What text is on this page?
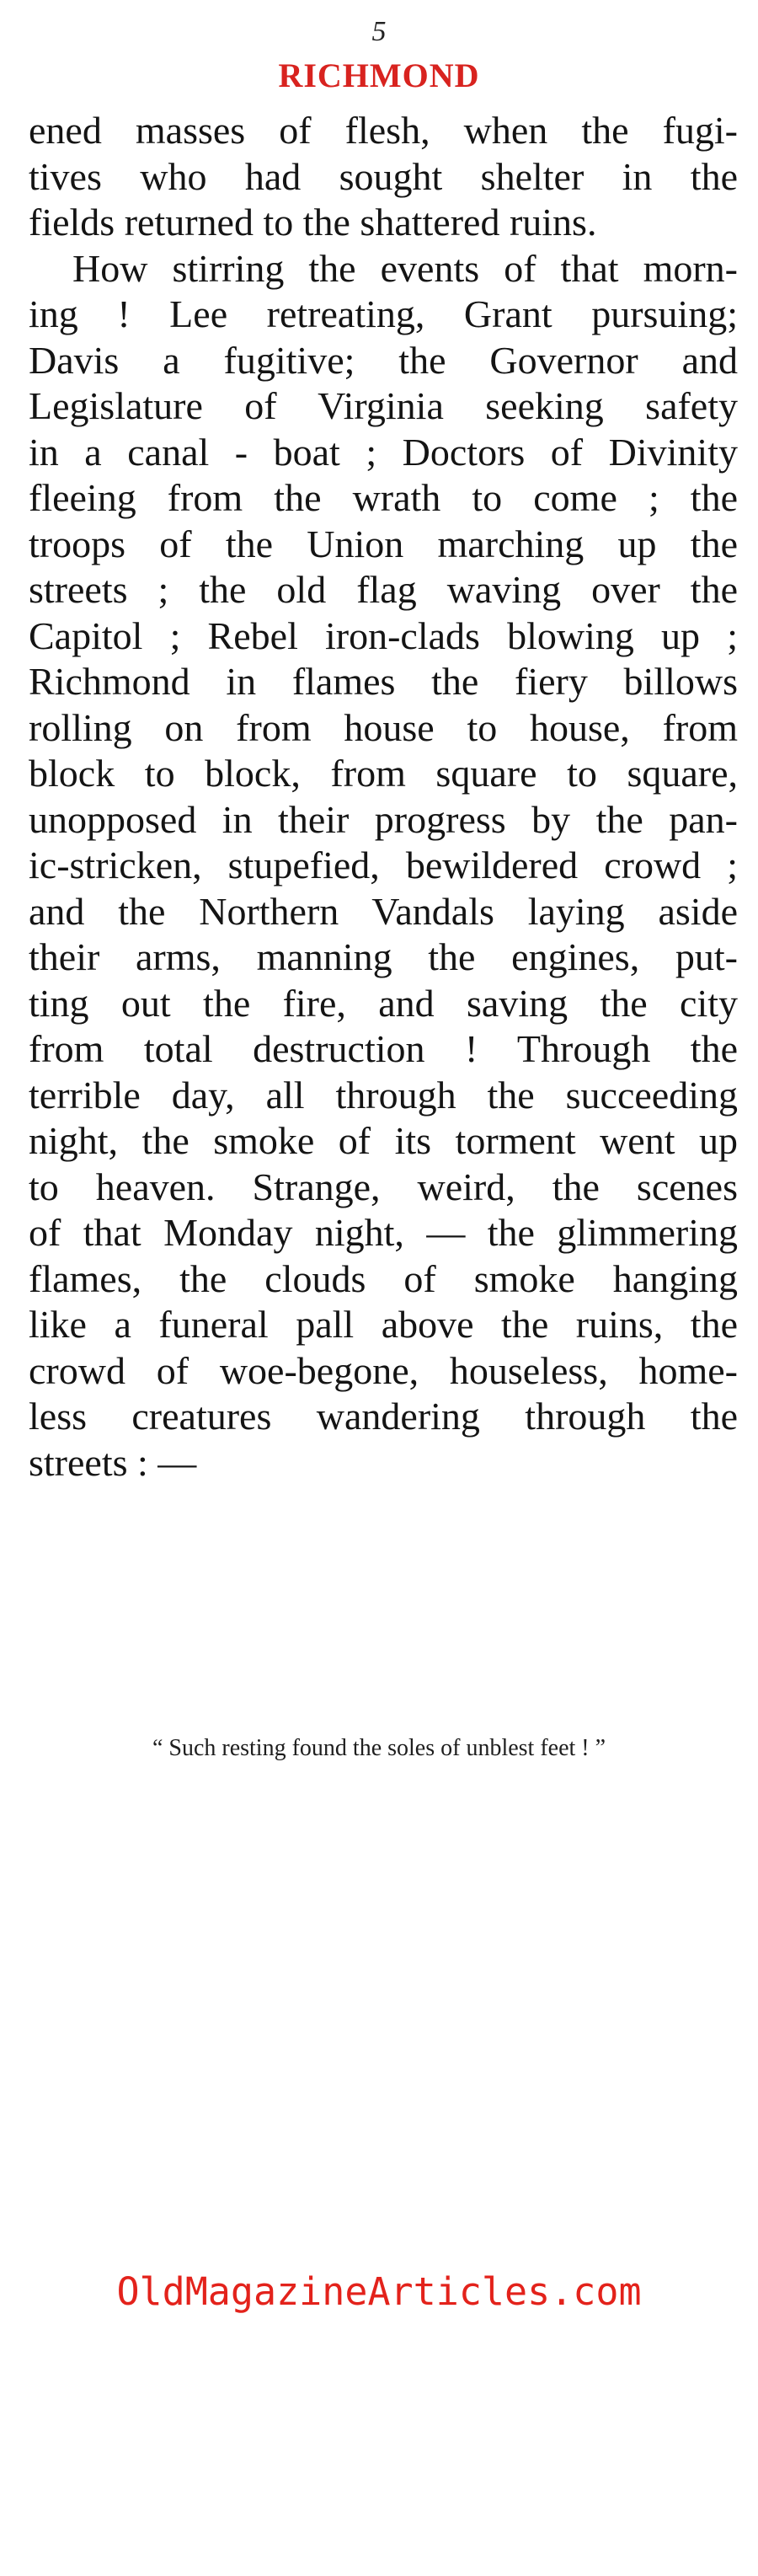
5
RICHMOND
ened masses of flesh, when the fugi-
tives who had sought shelter in the
fields returned to the shattered ruins.
How stirring the events of that morn-
ing ! Lee retreating, Grant pursuing;
Davis a fugitive; the Governor and
Legislature of Virginia seeking safety
in a canal - boat ; Doctors of Divinity
fleeing from the wrath to come ; the
troops of the Union marching up the
streets ; the old flag waving over the
Capitol ; Rebel iron-clads blowing up ;
Richmond in flames the fiery billows
rolling on from house to house, from
block to block, from square to square,
unopposed in their progress by the pan-
ic-stricken, stupefied, bewildered crowd ;
and the Northern Vandals laying aside
their arms, manning the engines, put-
ting out the fire, and saving the city
from total destruction ! Through the
terrible day, all through the succeeding
night, the smoke of its torment went up
to heaven. Strange, weird, the scenes
of that Monday night, — the glimmering
flames, the clouds of smoke hanging
like a funeral pall above the ruins, the
crowd of woe-begone, houseless, home-
less creatures wandering through the
streets : —
“ Such resting found the soles of unblest feet ! ”
OldMagazineArticles.com
